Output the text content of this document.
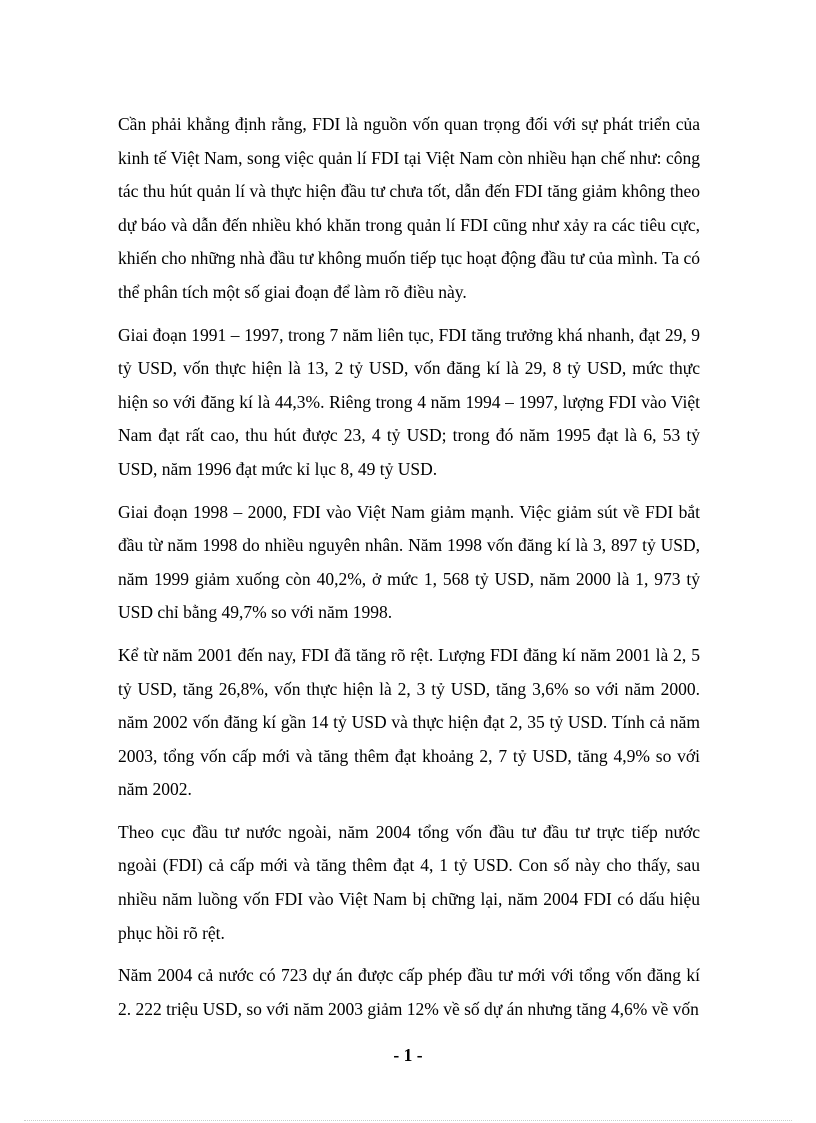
Cần phải khẳng định rằng, FDI là nguồn vốn quan trọng đối với sự phát triển của kinh tế Việt Nam, song việc quản lí FDI tại Việt Nam còn nhiều hạn chế như: công tác thu hút quản lí và thực hiện đầu tư chưa tốt, dẫn đến FDI tăng giảm không theo dự báo và dẫn đến nhiều khó khăn trong quản lí FDI cũng như xảy ra các tiêu cực, khiến cho những nhà đầu tư không muốn tiếp tục hoạt động đầu tư của mình. Ta có thể phân tích một số giai đoạn để làm rõ điều này.

Giai đoạn 1991 – 1997, trong 7 năm liên tục, FDI tăng trưởng khá nhanh, đạt 29, 9 tỷ USD, vốn thực hiện là 13, 2 tỷ USD, vốn đăng kí là 29, 8 tỷ USD, mức thực hiện so với đăng kí là 44,3%. Riêng trong 4 năm 1994 – 1997, lượng FDI vào Việt Nam đạt rất cao, thu hút được 23, 4 tỷ USD; trong đó năm 1995 đạt là 6, 53 tỷ USD, năm 1996 đạt mức kỉ lục 8, 49 tỷ USD.

Giai đoạn 1998 – 2000, FDI vào Việt Nam giảm mạnh. Việc giảm sút về FDI bắt đầu từ năm 1998 do nhiều nguyên nhân. Năm 1998 vốn đăng kí là 3, 897 tỷ USD, năm 1999 giảm xuống còn 40,2%, ở mức 1, 568 tỷ USD, năm 2000 là 1, 973 tỷ USD chỉ bằng 49,7% so với năm 1998.

Kể từ năm 2001 đến nay, FDI đã tăng rõ rệt. Lượng FDI đăng kí năm 2001 là 2, 5 tỷ USD, tăng 26,8%, vốn thực hiện là 2, 3 tỷ USD, tăng 3,6% so với năm 2000. năm 2002 vốn đăng kí gần 14 tỷ USD và thực hiện đạt 2, 35 tỷ USD. Tính cả năm 2003, tổng vốn cấp mới và tăng thêm đạt khoảng 2, 7 tỷ USD, tăng 4,9% so với năm 2002.

Theo cục đầu tư nước ngoài, năm 2004 tổng vốn đầu tư đầu tư trực tiếp nước ngoài (FDI) cả cấp mới và tăng thêm đạt 4, 1 tỷ USD. Con số này cho thấy, sau nhiều năm luồng vốn FDI vào Việt Nam bị chững lại, năm 2004 FDI có dấu hiệu phục hồi rõ rệt.

Năm 2004 cả nước có 723 dự án được cấp phép đầu tư mới với tổng vốn đăng kí 2. 222 triệu USD, so với năm 2003 giảm 12% về số dự án nhưng tăng 4,6% về vốn

- 1 -
